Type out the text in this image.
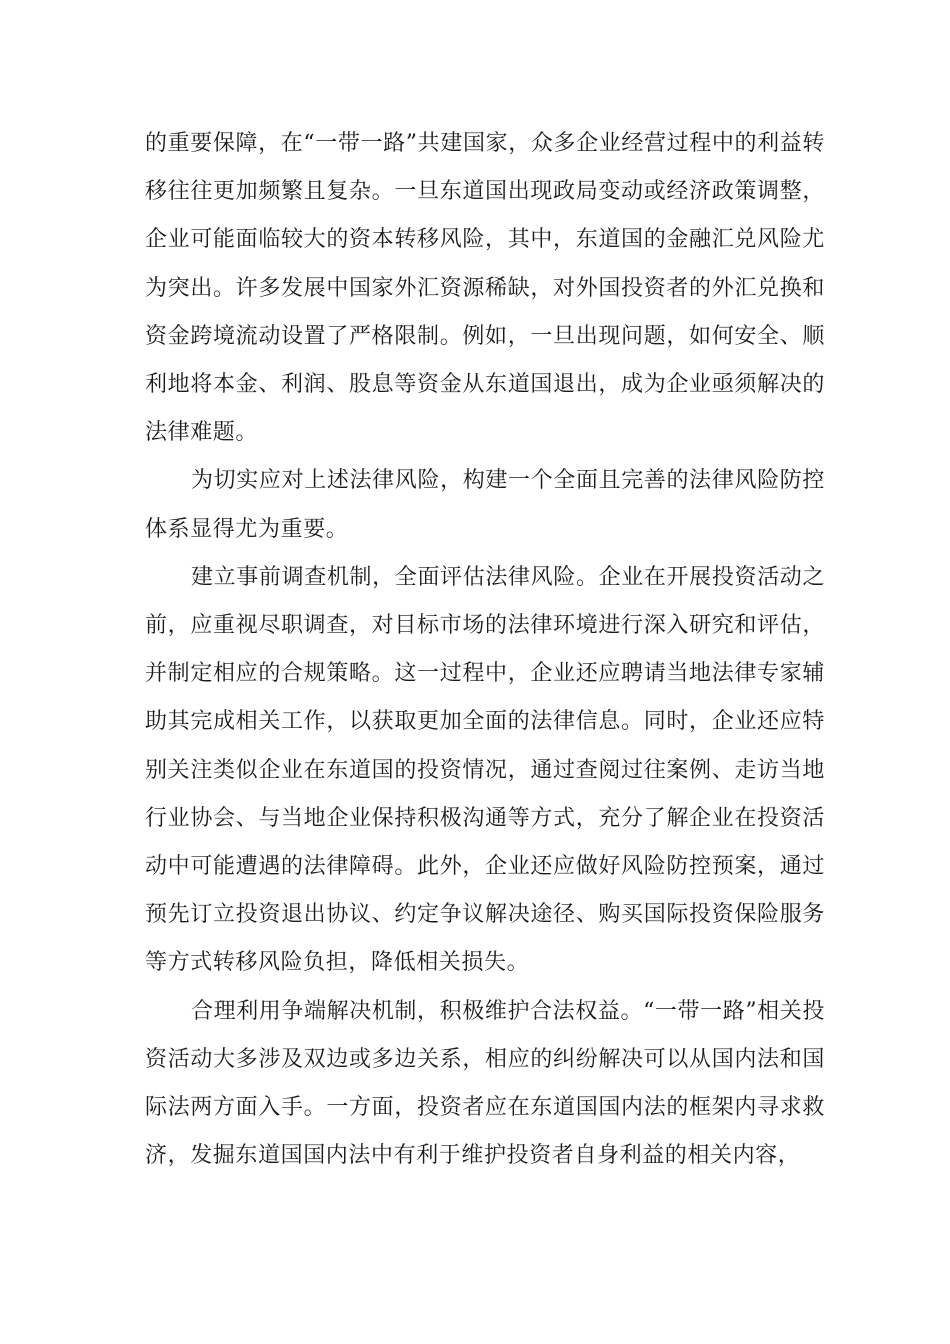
的重要保障，在“一带一路”共建国家，众多企业经营过程中的利益转移往往更加频繁且复杂。一旦东道国出现政局变动或经济政策调整，企业可能面临较大的资本转移风险，其中，东道国的金融汇兑风险尤为突出。许多发展中国家外汇资源稀缺，对外国投资者的外汇兑换和资金跨境流动设置了严格限制。例如，一旦出现问题，如何安全、顺利地将本金、利润、股息等资金从东道国退出，成为企业亟须解决的法律难题。

为切实应对上述法律风险，构建一个全面且完善的法律风险防控体系显得尤为重要。

建立事前调查机制，全面评估法律风险。企业在开展投资活动之前，应重视尽职调查，对目标市场的法律环境进行深入研究和评估，并制定相应的合规策略。这一过程中，企业还应聘请当地法律专家辅助其完成相关工作，以获取更加全面的法律信息。同时，企业还应特别关注类似企业在东道国的投资情况，通过查阅过往案例、走访当地行业协会、与当地企业保持积极沟通等方式，充分了解企业在投资活动中可能遭遇的法律障碍。此外，企业还应做好风险防控预案，通过预先订立投资退出协议、约定争议解决途径、购买国际投资保险服务等方式转移风险负担，降低相关损失。

合理利用争端解决机制，积极维护合法权益。“一带一路”相关投资活动大多涉及双边或多边关系，相应的纠纷解决可以从国内法和国际法两方面入手。一方面，投资者应在东道国国内法的框架内寻求救济，发掘东道国国内法中有利于维护投资者自身利益的相关内容，
